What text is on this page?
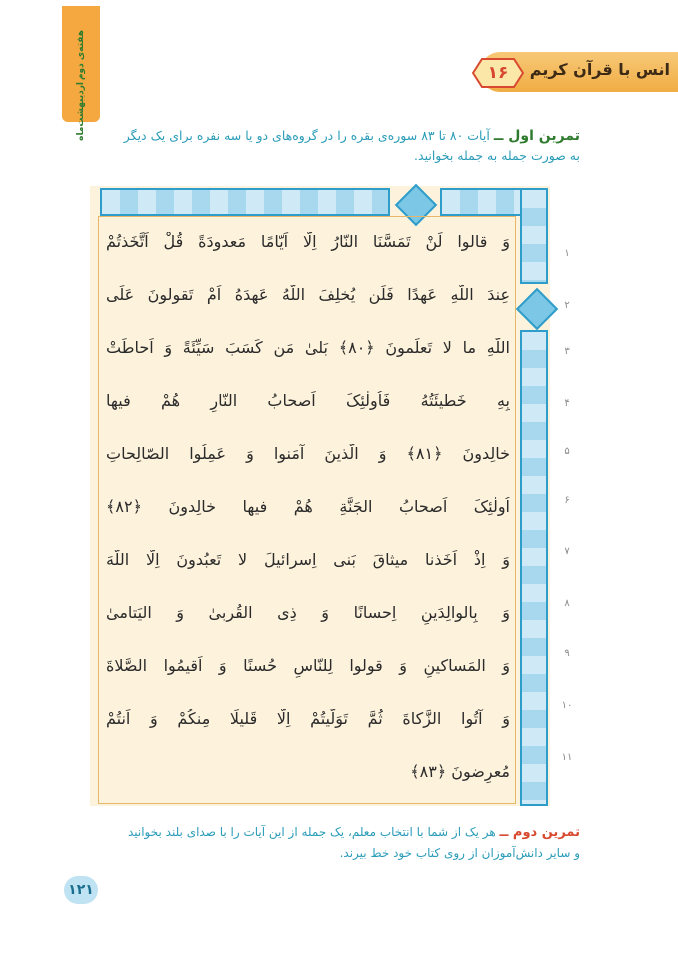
هفته‌ی دوم
اردیبهشت‌ماه
انس با قرآن کریم
۱۶
تمرین اول ــ آیات ۸۰ تا ۸۳ سوره‌ی بقره را در گروه‌های دو یا سه نفره برای یک دیگر
به صورت جمله به جمله بخوانید.
وَ قالوا لَنْ تَمَسَّنَا النّارُ اِلّا اَیّامًا مَعدودَةً قُلْ اَتَّخَذتُمْ
عِندَ اللّهِ عَهدًا فَلَن یُخلِفَ اللّهُ عَهدَهُ اَمْ تَقولونَ عَلَی
اللّهِ ما لا تَعلَمونَ ﴿۸۰﴾ بَلیٰ مَن کَسَبَ سَیِّئَةً وَ اَحاطَتْ
بِهِ خَطیئَتُهُ فَاُولٰئِکَ اَصحابُ النّارِ هُمْ فیها
خالِدونَ ﴿۸۱﴾ وَ الَّذینَ آمَنوا وَ عَمِلُوا الصّالِحاتِ
اُولٰئِکَ اَصحابُ الجَنَّةِ هُمْ فیها خالِدونَ ﴿۸۲﴾
وَ اِذْ اَخَذنا میثاقَ بَنی اِسرائیلَ لا تَعبُدونَ اِلَّا اللّهَ
وَ بِالوالِدَینِ اِحسانًا وَ ذِی القُربیٰ وَ الیَتامیٰ
وَ المَساکینِ وَ قولوا لِلنّاسِ حُسنًا وَ اَقیمُوا الصَّلاةَ
وَ آتُوا الزَّکاةَ ثُمَّ تَوَلَّیتُمْ اِلّا قَلیلًا مِنکُمْ وَ اَنتُمْ
مُعرِضونَ ﴿۸۳﴾
۱
۲
۳
۴
۵
۶
۷
۸
۹
۱۰
۱۱
تمرین دوم ــ هر یک از شما با انتخاب معلم، یک جمله از این آیات را با صدای بلند بخوانید
و سایر دانش‌آموزان از روی کتاب خود خط بیرند.
۱۲۱
